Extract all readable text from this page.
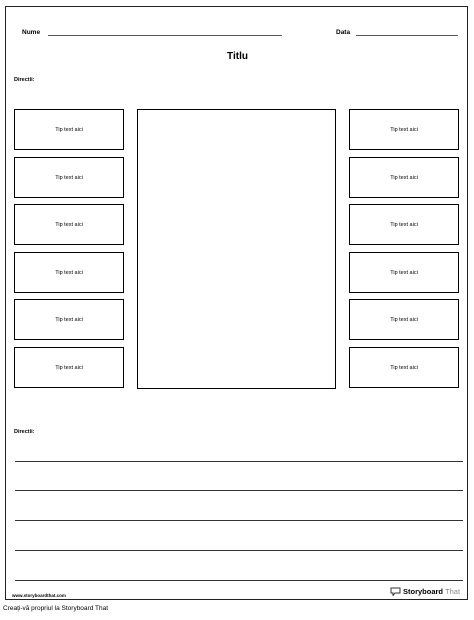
Nume	Data
Titlu
Directii:
Tip text aici
Tip text aici
Tip text aici
Tip text aici
Tip text aici
Tip text aici
Tip text aici
Tip text aici
Tip text aici
Tip text aici
Tip text aici
Tip text aici
Directii:
www.storyboardthat.com	Storyboard That
Creați-vă propriul la Storyboard That
